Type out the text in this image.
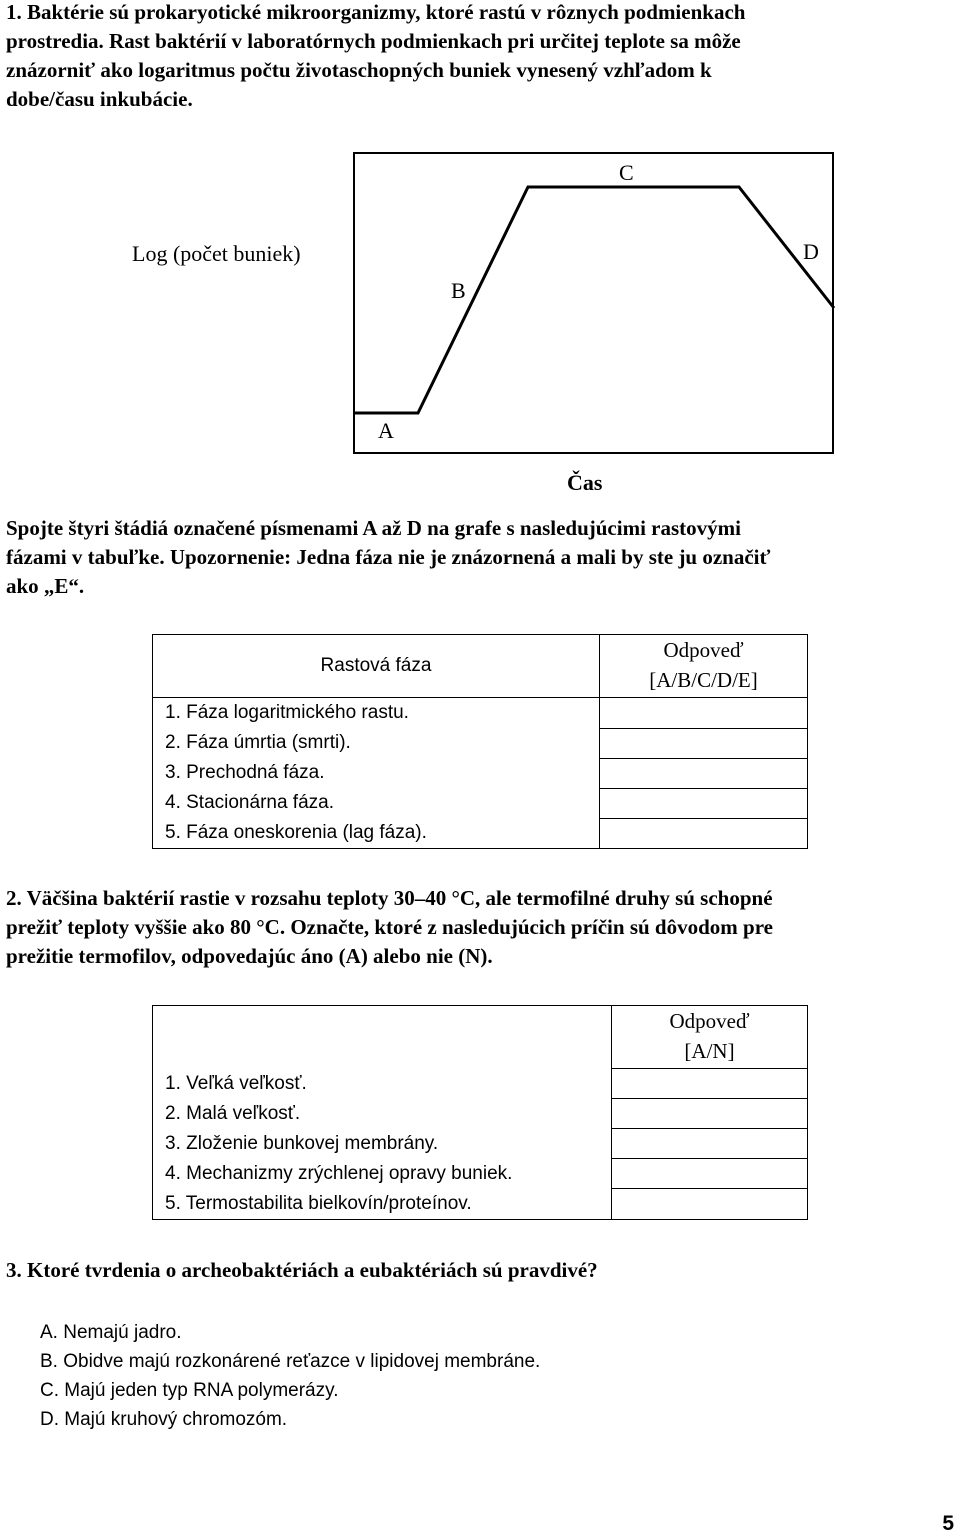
1. Baktérie sú prokaryotické mikroorganizmy, ktoré rastú v rôznych podmienkach
prostredia. Rast baktérií v laboratórnych podmienkach pri určitej teplote sa môže
znázorniť ako logaritmus počtu životaschopných buniek vynesený vzhľadom k
dobe/času inkubácie.
Log (počet buniek)
A
B
C
D
Čas
Spojte štyri štádiá označené písmenami A až D na grafe s nasledujúcimi rastovými
fázami v tabuľke. Upozornenie: Jedna fáza nie je znázornená a mali by ste ju označiť
ako „E“.
Rastová fáza	Odpoveď
[A/B/C/D/E]

1. Fáza logaritmického rastu.	
2. Fáza úmrtia (smrti).	
3. Prechodná fáza.	
4. Stacionárna fáza.	
5. Fáza oneskorenia (lag fáza).	
2. Väčšina baktérií rastie v rozsahu teploty 30–40 °C, ale termofilné druhy sú schopné
prežiť teploty vyššie ako 80 °C. Označte, ktoré z nasledujúcich príčin sú dôvodom pre
prežitie termofilov, odpovedajúc áno (A) alebo nie (N).

	Odpoveď
[A/N]

1. Veľká veľkosť.	
2. Malá veľkosť.	
3. Zloženie bunkovej membrány.	
4. Mechanizmy zrýchlenej opravy buniek.	
5. Termostabilita bielkovín/proteínov.	
3. Ktoré tvrdenia o archeobaktériách a eubaktériách sú pravdivé?
A. Nemajú jadro.
B. Obidve majú rozkonárené reťazce v lipidovej membráne.
C. Majú jeden typ RNA polymerázy.
D. Majú kruhový chromozóm.
5
